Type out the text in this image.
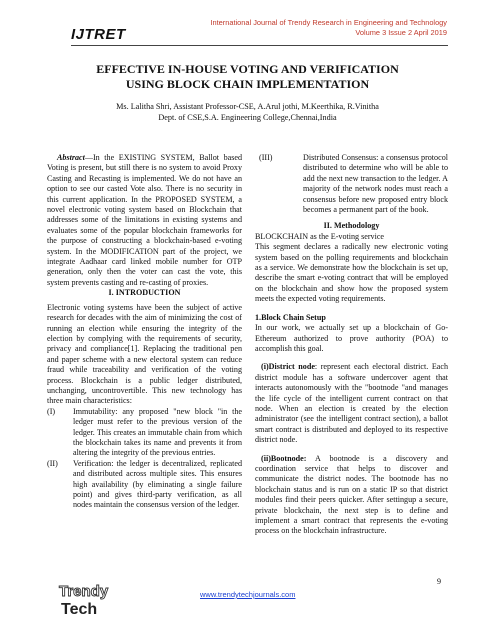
International Journal of Trendy Research in Engineering and Technology
Volume 3 Issue 2 April 2019
IJTRET
EFFECTIVE IN-HOUSE VOTING AND VERIFICATION
USING BLOCK CHAIN IMPLEMENTATION
Ms. Lalitha Shri, Assistant Professor-CSE, A.Arul jothi, M.Keerthika, R.Vinitha
Dept. of CSE,S.A. Engineering College,Chennai,India

Abstract—In the EXISTING SYSTEM, Ballot based Voting is present, but still there is no system to avoid Proxy Casting and Recasting is implemented. We do not have an option to see our casted Vote also. There is no security in this current application. In the PROPOSED SYSTEM, a novel electronic voting system based on Blockchain that addresses some of the limitations in existing systems and evaluates some of the popular blockchain frameworks for the purpose of constructing a blockchain-based e-voting system. In the MODIFICATION part of the project, we integrate Aadhaar card linked mobile number for OTP generation, only then the voter can cast the vote, this system prevents casting and re-casting of proxies.

I. INTRODUCTION

Electronic voting systems have been the subject of active research for decades with the aim of minimizing the cost of running an election while ensuring the integrity of the election by complying with the requirements of security, privacy and compliance[1]. Replacing the traditional pen and paper scheme with a new electoral system can reduce fraud while traceability and verification of the voting process. Blockchain is a public ledger distributed, unchanging, uncontrovertible. This new technology has three main characteristics:

(I)	Immutability: any proposed "new block "in the ledger must refer to the previous version of the ledger. This creates an immutable chain from which the blockchain takes its name and prevents it from altering the integrity of the previous entries.
(II)	Verification: the ledger is decentralized, replicated and distributed across multiple sites. This ensures high availability (by eliminating a single failure point) and gives third-party verification, as all nodes maintain the consensus version of the ledger.
(III)	Distributed Consensus: a consensus protocol distributed to determine who will be able to add the next new transaction to the ledger. A majority of the network nodes must reach a consensus before new proposed entry block becomes a permanent part of the book.

II. Methodology

BLOCKCHAIN as the E-voting service

This segment declares a radically new electronic voting system based on the polling requirements and blockchain as a service. We demonstrate how the blockchain is set up, describe the smart e-voting contract that will be employed on the blockchain and show how the proposed system meets the expected voting requirements.

1.Block Chain Setup

In our work, we actually set up a blockchain of Go-Ethereum authorized to prove authority (POA) to accomplish this goal.

(i)District node: represent each electoral district. Each district module has a software undercover agent that interacts autonomously with the "bootnode "and manages the life cycle of the intelligent current contract on that node. When an election is created by the election administrator (see the intelligent contract section), a ballot smart contract is distributed and deployed to its respective district node.

(ii)Bootnode: A bootnode is a discovery and coordination service that helps to discover and communicate the district nodes. The bootnode has no blockchain status and is run on a static IP so that district modules find their peers quicker. After settingup a secure, private blockchain, the next step is to define and implement a smart contract that represents the e-voting process on the blockchain infrastructure.

9
www.trendytechjournals.com
Trendy
Tech
